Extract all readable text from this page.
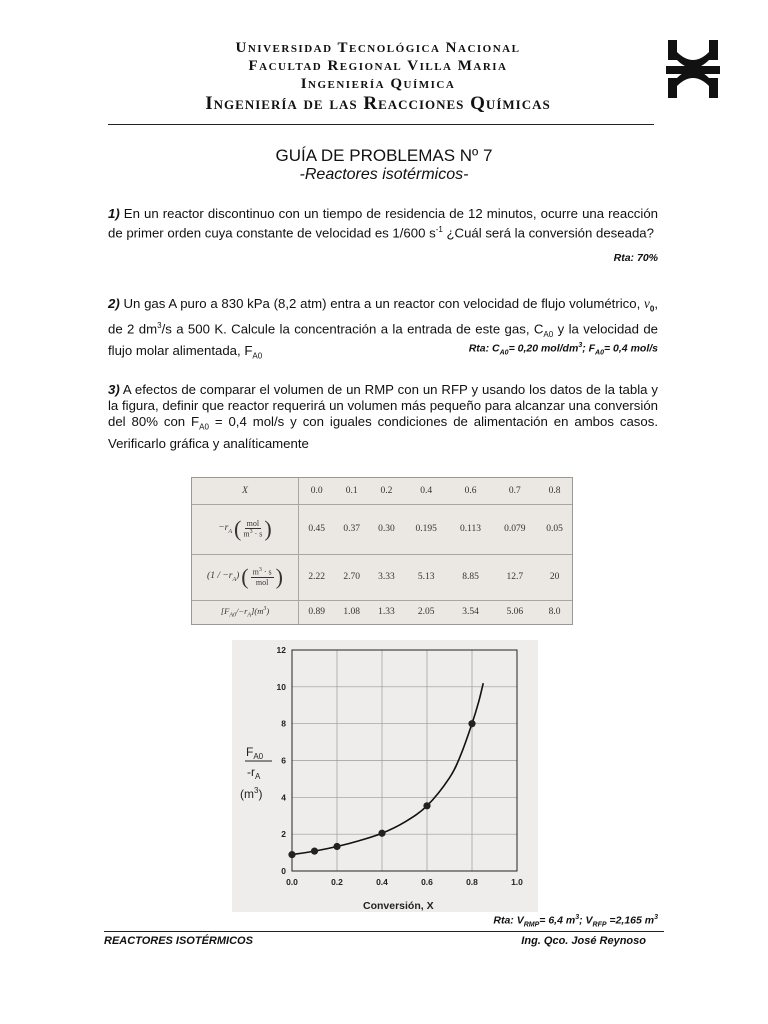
Universidad Tecnológica Nacional
Facultad Regional Villa Maria
Ingeniería Química
Ingeniería de las Reacciones Químicas
GUÍA DE PROBLEMAS Nº 7
-Reactores isotérmicos-
1) En un reactor discontinuo con un tiempo de residencia de 12 minutos, ocurre una reacción de primer orden cuya constante de velocidad es 1/600 $s^{-1}$ ¿Cuál será la conversión deseada?
Rta: 70%
2) Un gas A puro a 830 kPa (8,2 atm) entra a un reactor con velocidad de flujo volumétrico, $\nu_0$, de 2 $dm^3/s$ a 500 K. Calcule la concentración a la entrada de este gas, $C_{A0}$ y la velocidad de flujo molar alimentada, $F_{A0}$
Rta: $C_{A0}= 0,20$ mol/$dm^3$; $F_{A0}= 0,4$ mol/s
3) A efectos de comparar el volumen de un RMP con un RFP y usando los datos de la tabla y la figura, definir que reactor requerirá un volumen más pequeño para alcanzar una conversión del 80% con $F_{A0} = 0,4$ mol/s y con iguales condiciones de alimentación en ambos casos. Verificarlo gráfica y analíticamente
X	0.0	0.1	0.2	0.4	0.6	0.7	0.8

$-r_A$ ( mol
$m^3 \cdot s$ )	0.45	0.37	0.30	0.195	0.113	0.079	0.05

$(1 / -r_A)$ ( $m^3 \cdot s$
mol )	2.22	2.70	3.33	5.13	8.85	12.7	20
$[F_{A0}/-r_A](m^3)$	0.89	1.08	1.33	2.05	3.54	5.06	8.0
0
2
4
6
8
10
12
0.0	0.2	0.4	0.6	0.8	1.0
Conversión, X
$F_{A0}$
$-r_A$
$(m^3)$
Rta: $V_{RMP}= 6,4$ $m^3$; $V_{RFP} =2,165$ $m^3$
REACTORES ISOTÉRMICOS	Ing. Qco. José Reynoso
